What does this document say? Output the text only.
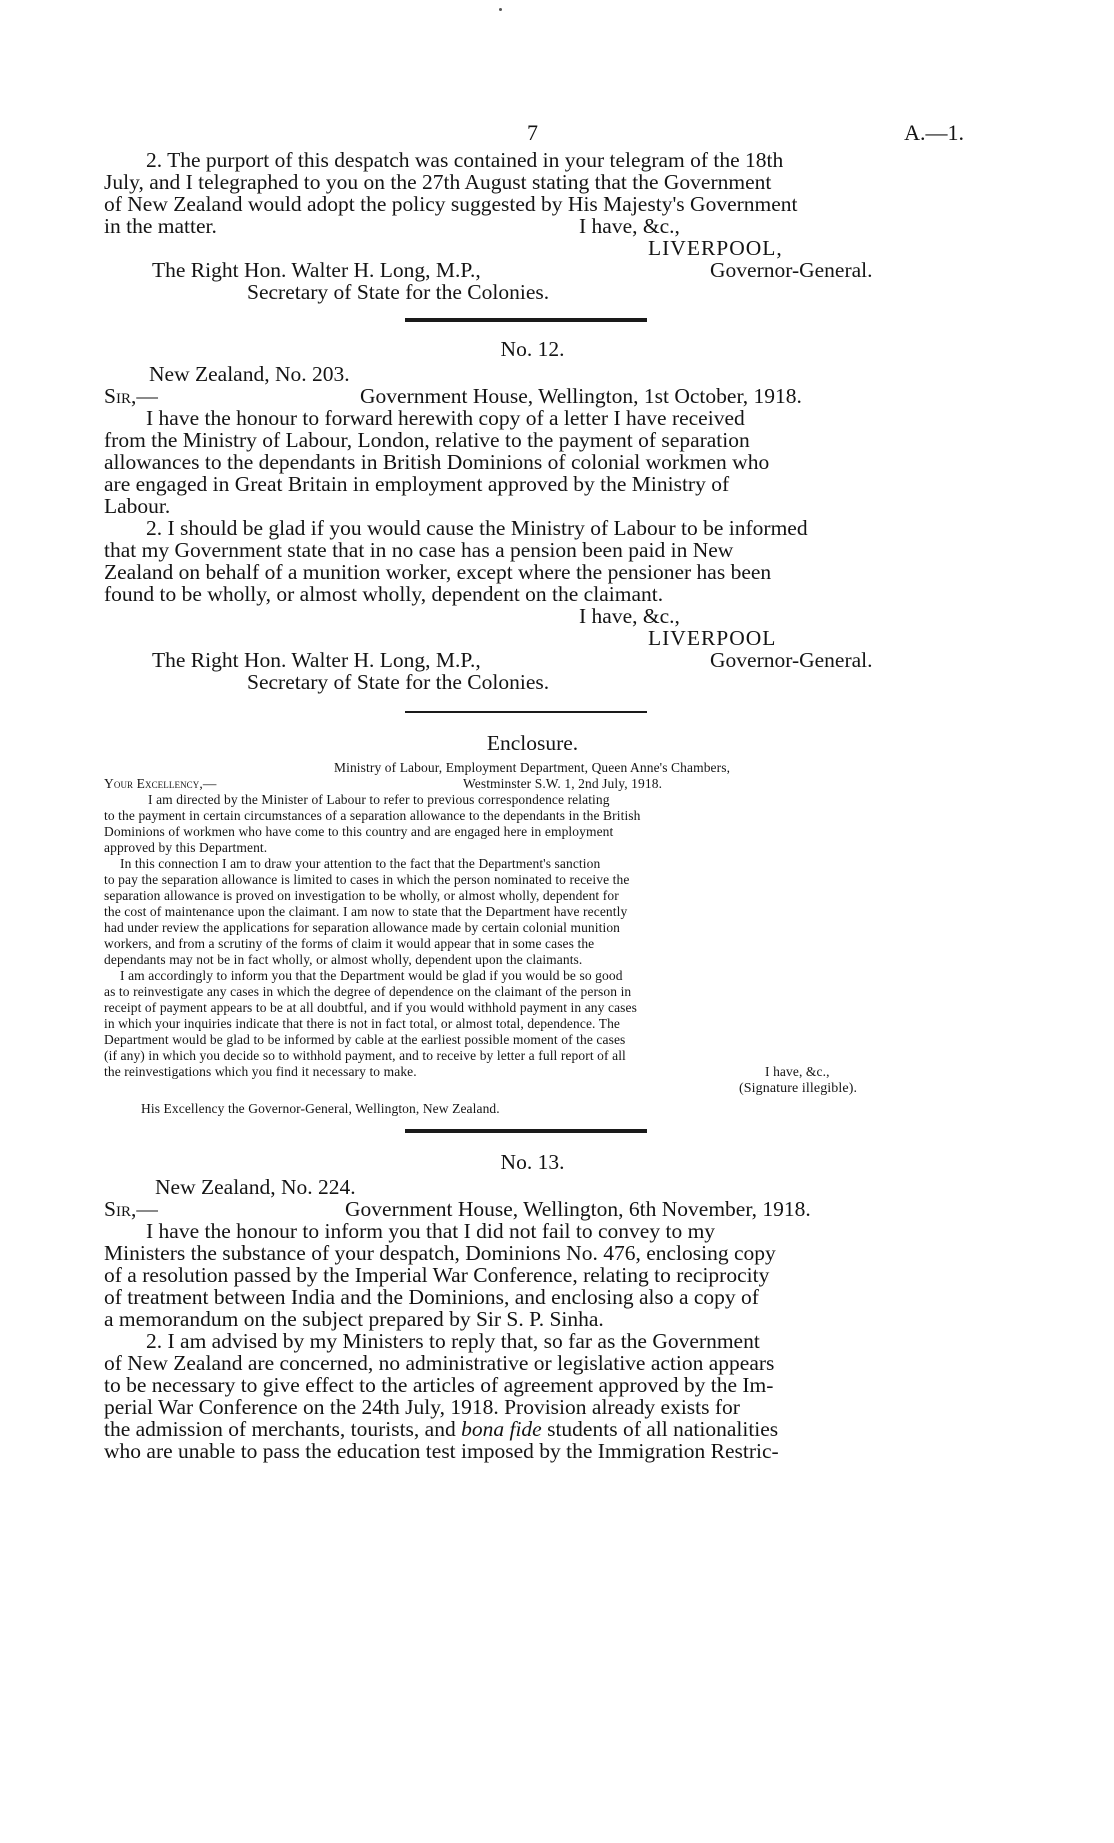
7	A.—1.
2. The purport of this despatch was contained in your telegram of the 18th
July, and I telegraphed to you on the 27th August stating that the Government
of New Zealand would adopt the policy suggested by His Majesty's Government
in the matter.	I have, &c.,
LIVERPOOL,
The Right Hon. Walter H. Long, M.P.,	Governor-General.
Secretary of State for the Colonies.
No. 12.
New Zealand, No. 203.
Sir,—	Government House, Wellington, 1st October, 1918.
I have the honour to forward herewith copy of a letter I have received
from the Ministry of Labour, London, relative to the payment of separation
allowances to the dependants in British Dominions of colonial workmen who
are engaged in Great Britain in employment approved by the Ministry of
Labour.
2. I should be glad if you would cause the Ministry of Labour to be informed
that my Government state that in no case has a pension been paid in New
Zealand on behalf of a munition worker, except where the pensioner has been
found to be wholly, or almost wholly, dependent on the claimant.
I have, &c.,
LIVERPOOL
The Right Hon. Walter H. Long, M.P.,	Governor-General.
Secretary of State for the Colonies.
Enclosure.
Ministry of Labour, Employment Department, Queen Anne's Chambers,
Your Excellency,—	Westminster S.W. 1, 2nd July, 1918.
I am directed by the Minister of Labour to refer to previous correspondence relating
to the payment in certain circumstances of a separation allowance to the dependants in the British
Dominions of workmen who have come to this country and are engaged here in employment
approved by this Department.
In this connection I am to draw your attention to the fact that the Department's sanction
to pay the separation allowance is limited to cases in which the person nominated to receive the
separation allowance is proved on investigation to be wholly, or almost wholly, dependent for
the cost of maintenance upon the claimant. I am now to state that the Department have recently
had under review the applications for separation allowance made by certain colonial munition
workers, and from a scrutiny of the forms of claim it would appear that in some cases the
dependants may not be in fact wholly, or almost wholly, dependent upon the claimants.
I am accordingly to inform you that the Department would be glad if you would be so good
as to reinvestigate any cases in which the degree of dependence on the claimant of the person in
receipt of payment appears to be at all doubtful, and if you would withhold payment in any cases
in which your inquiries indicate that there is not in fact total, or almost total, dependence. The
Department would be glad to be informed by cable at the earliest possible moment of the cases
(if any) in which you decide so to withhold payment, and to receive by letter a full report of all
the reinvestigations which you find it necessary to make.	I have, &c.,
(Signature illegible).
His Excellency the Governor-General, Wellington, New Zealand.
No. 13.
New Zealand, No. 224.
Sir,—	Government House, Wellington, 6th November, 1918.
I have the honour to inform you that I did not fail to convey to my
Ministers the substance of your despatch, Dominions No. 476, enclosing copy
of a resolution passed by the Imperial War Conference, relating to reciprocity
of treatment between India and the Dominions, and enclosing also a copy of
a memorandum on the subject prepared by Sir S. P. Sinha.
2. I am advised by my Ministers to reply that, so far as the Government
of New Zealand are concerned, no administrative or legislative action appears
to be necessary to give effect to the articles of agreement approved by the Im-
perial War Conference on the 24th July, 1918. Provision already exists for
the admission of merchants, tourists, and bona fide students of all nationalities
who are unable to pass the education test imposed by the Immigration Restric-
